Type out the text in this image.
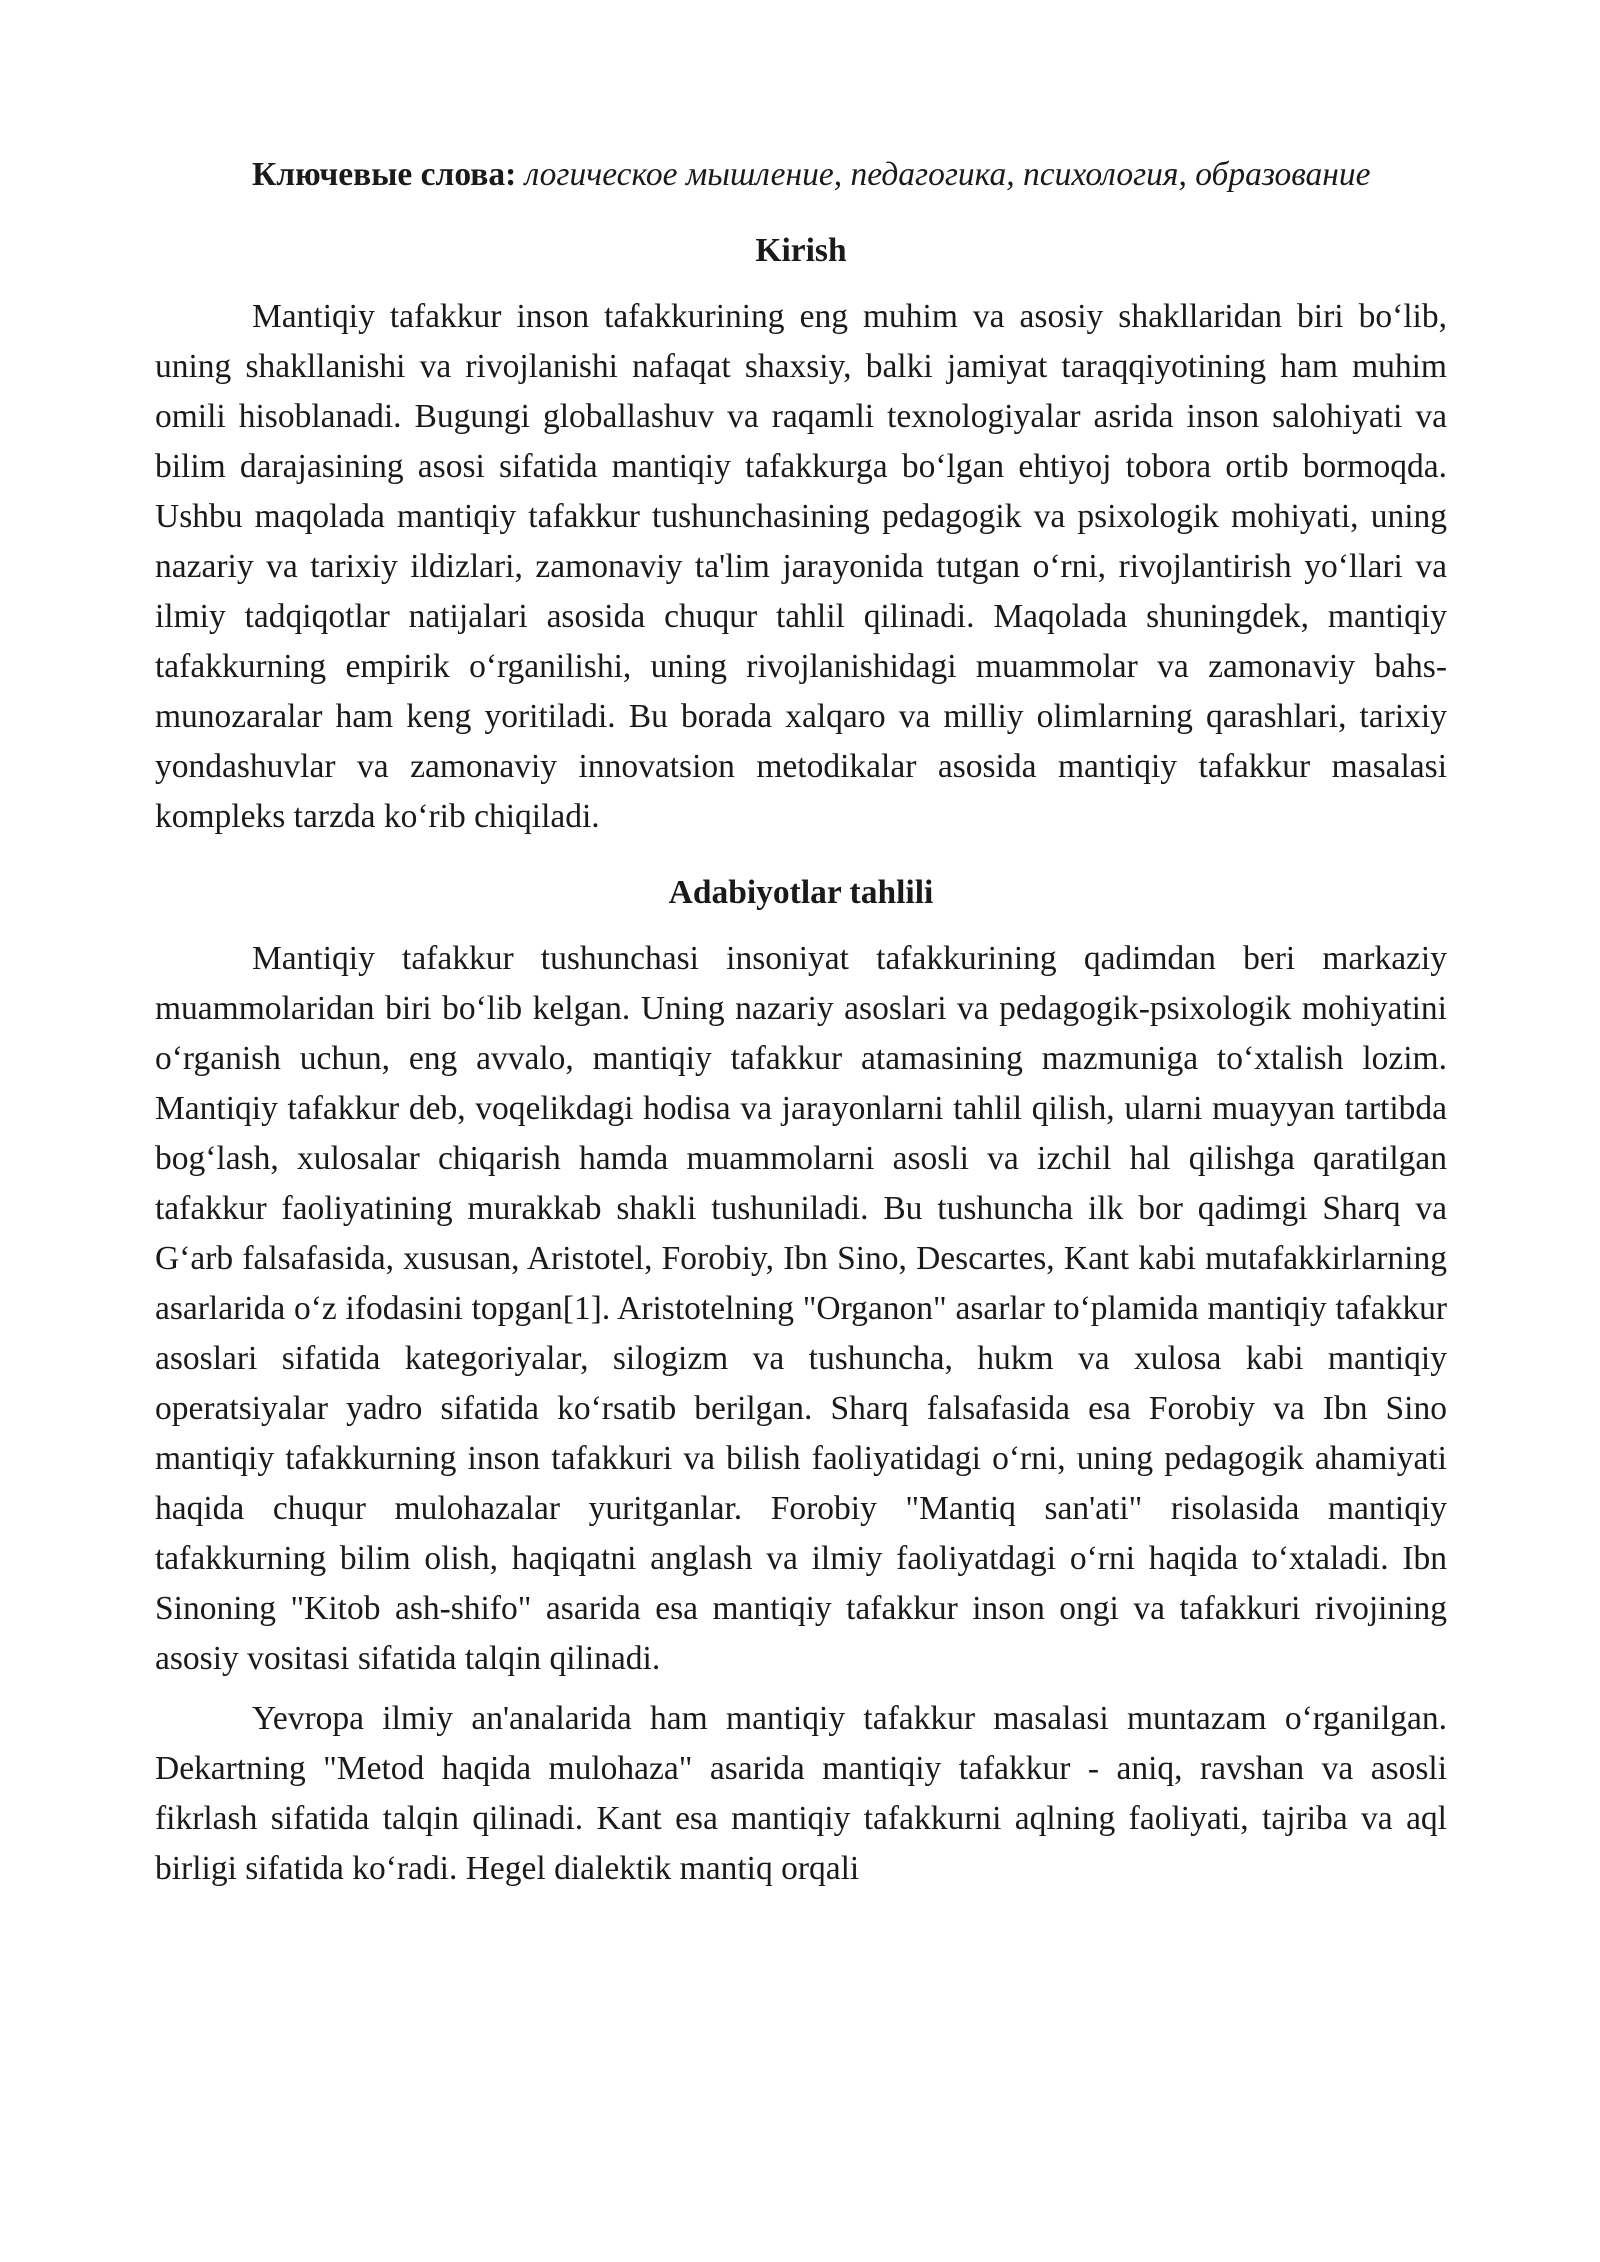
Ключевые слова: логическое мышление, педагогика, психология, образование

Kirish

Mantiqiy tafakkur inson tafakkurining eng muhim va asosiy shakllaridan biri bo‘lib, uning shakllanishi va rivojlanishi nafaqat shaxsiy, balki jamiyat taraqqiyotining ham muhim omili hisoblanadi. Bugungi globallashuv va raqamli texnologiyalar asrida inson salohiyati va bilim darajasining asosi sifatida mantiqiy tafakkurga bo‘lgan ehtiyoj tobora ortib bormoqda. Ushbu maqolada mantiqiy tafakkur tushunchasining pedagogik va psixologik mohiyati, uning nazariy va tarixiy ildizlari, zamonaviy ta'lim jarayonida tutgan o‘rni, rivojlantirish yo‘llari va ilmiy tadqiqotlar natijalari asosida chuqur tahlil qilinadi. Maqolada shuningdek, mantiqiy tafakkurning empirik o‘rganilishi, uning rivojlanishidagi muammolar va zamonaviy bahs-munozaralar ham keng yoritiladi. Bu borada xalqaro va milliy olimlarning qarashlari, tarixiy yondashuvlar va zamonaviy innovatsion metodikalar asosida mantiqiy tafakkur masalasi kompleks tarzda ko‘rib chiqiladi.

Adabiyotlar tahlili

Mantiqiy tafakkur tushunchasi insoniyat tafakkurining qadimdan beri markaziy muammolaridan biri bo‘lib kelgan. Uning nazariy asoslari va pedagogik-psixologik mohiyatini o‘rganish uchun, eng avvalo, mantiqiy tafakkur atamasining mazmuniga to‘xtalish lozim. Mantiqiy tafakkur deb, voqelikdagi hodisa va jarayonlarni tahlil qilish, ularni muayyan tartibda bog‘lash, xulosalar chiqarish hamda muammolarni asosli va izchil hal qilishga qaratilgan tafakkur faoliyatining murakkab shakli tushuniladi. Bu tushuncha ilk bor qadimgi Sharq va G‘arb falsafasida, xususan, Aristotel, Forobiy, Ibn Sino, Descartes, Kant kabi mutafakkirlarning asarlarida o‘z ifodasini topgan[1]. Aristotelning "Organon" asarlar to‘plamida mantiqiy tafakkur asoslari sifatida kategoriyalar, silogizm va tushuncha, hukm va xulosa kabi mantiqiy operatsiyalar yadro sifatida ko‘rsatib berilgan. Sharq falsafasida esa Forobiy va Ibn Sino mantiqiy tafakkurning inson tafakkuri va bilish faoliyatidagi o‘rni, uning pedagogik ahamiyati haqida chuqur mulohazalar yuritganlar. Forobiy "Mantiq san'ati" risolasida mantiqiy tafakkurning bilim olish, haqiqatni anglash va ilmiy faoliyatdagi o‘rni haqida to‘xtaladi. Ibn Sinoning "Kitob ash-shifo" asarida esa mantiqiy tafakkur inson ongi va tafakkuri rivojining asosiy vositasi sifatida talqin qilinadi.

Yevropa ilmiy an'analarida ham mantiqiy tafakkur masalasi muntazam o‘rganilgan. Dekartning "Metod haqida mulohaza" asarida mantiqiy tafakkur - aniq, ravshan va asosli fikrlash sifatida talqin qilinadi. Kant esa mantiqiy tafakkurni aqlning faoliyati, tajriba va aql birligi sifatida ko‘radi. Hegel dialektik mantiq orqali
